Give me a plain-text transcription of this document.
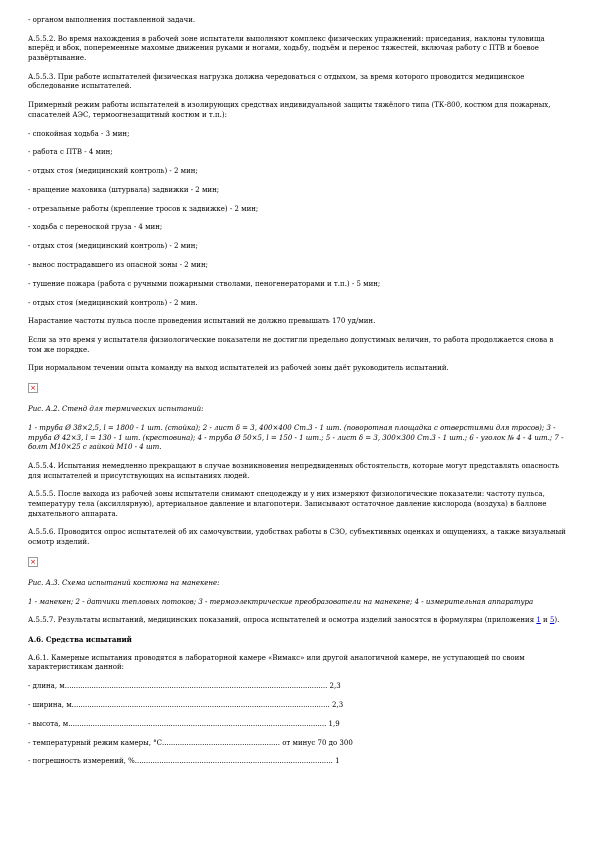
- органом выполнения поставленной задачи.

А.5.5.2. Во время нахождения в рабочей зоне испытатели выполняют комплекс физических упражнений: приседания, наклоны туловища вперёд и вбок, попеременные махомые движения руками и ногами, ходьбу, подъём и перенос тяжестей, включая работу с ПТВ и боевое развёртывание.

А.5.5.3. При работе испытателей физическая нагрузка должна чередоваться с отдыхом, за время которого проводится медицинское обследование испытателей.

Примерный режим работы испытателей в изолирующих средствах индивидуальной защиты тяжёлого типа (ТК-800, костюм для пожарных, спасателей АЭС, термоогнезащитный костюм и т.п.):

- спокойная ходьба - 3 мин;

- работа с ПТВ - 4 мин;

- отдых стоя (медицинский контроль) - 2 мин;

- вращение маховика (штурвала) задвижки - 2 мин;

- отрезальные работы (крепление тросов к задвижке) - 2 мин;

- ходьба с переноской груза - 4 мин;

- отдых стоя (медицинский контроль) - 2 мин;

- вынос пострадавшего из опасной зоны - 2 мин;

- тушение пожара (работа с ручными пожарными стволами, пеногенераторами и т.п.) - 5 мин;

- отдых стоя (медицинский контроль) - 2 мин.

Нарастание частоты пульса после проведения испытаний не должно превышать 170 уд/мин.

Если за это время у испытателя физиологические показатели не достигли предельно допустимых величин, то работа продолжается снова в том же порядке.

При нормальном течении опыта команду на выход испытателей из рабочей зоны даёт руководитель испытаний.

×

Рис. А.2. Стенд для термических испытаний:

1 - труба Ø 38×2,5, l = 1800 - 1 шт. (стойка); 2 - лист δ = 3, 400×400 Ст.3 - 1 шт. (поворотная площадка с отверстиями для тросов); 3 - труба Ø 42×3, l = 130 - 1 шт. (крестовина); 4 - труба Ø 50×5, l = 150 - 1 шт.; 5 - лист δ = 3, 300×300 Ст.3 - 1 шт.; 6 - уголок № 4 - 4 шт.; 7 - болт М10×25 с гайкой М10 - 4 шт.

А.5.5.4. Испытания немедленно прекращают в случае возникновения непредвиденных обстоятельств, которые могут представлять опасность для испытателей и присутствующих на испытаниях людей.

А.5.5.5. После выхода из рабочей зоны испытатели снимают спецодежду и у них измеряют физиологические показатели: частоту пульса, температуру тела (аксиллярную), артериальное давление и влагопотери. Записывают остаточное давление кислорода (воздуха) в баллоне дыхательного аппарата.

А.5.5.6. Проводится опрос испытателей об их самочувствии, удобствах работы в СЗО, субъективных оценках и ощущениях, а также визуальный осмотр изделий.

×

Рис. А.3. Схема испытаний костюма на манекене:

1 - манекен; 2 - датчики тепловых потоков; 3 - термоэлектрические преобразователи на манекене; 4 - измерительная аппаратура

А.5.5.7. Результаты испытаний, медицинских показаний, опроса испытателей и осмотра изделий заносятся в формуляры (приложения 1 и 5).

А.6. Средства испытаний

А.6.1. Камерные испытания проводятся в лабораторной камере «Вимакс» или другой аналогичной камере, не уступающей по своим характеристикам данной:

- длина, м...................................................................................................................... 2,3

- ширина, м.................................................................................................................... 2,3

- высота, м.................................................................................................................... 1,9

- температурный режим камеры, °С..................................................... от минус 70 до 300

- погрешность измерений, %......................................................................................... 1
